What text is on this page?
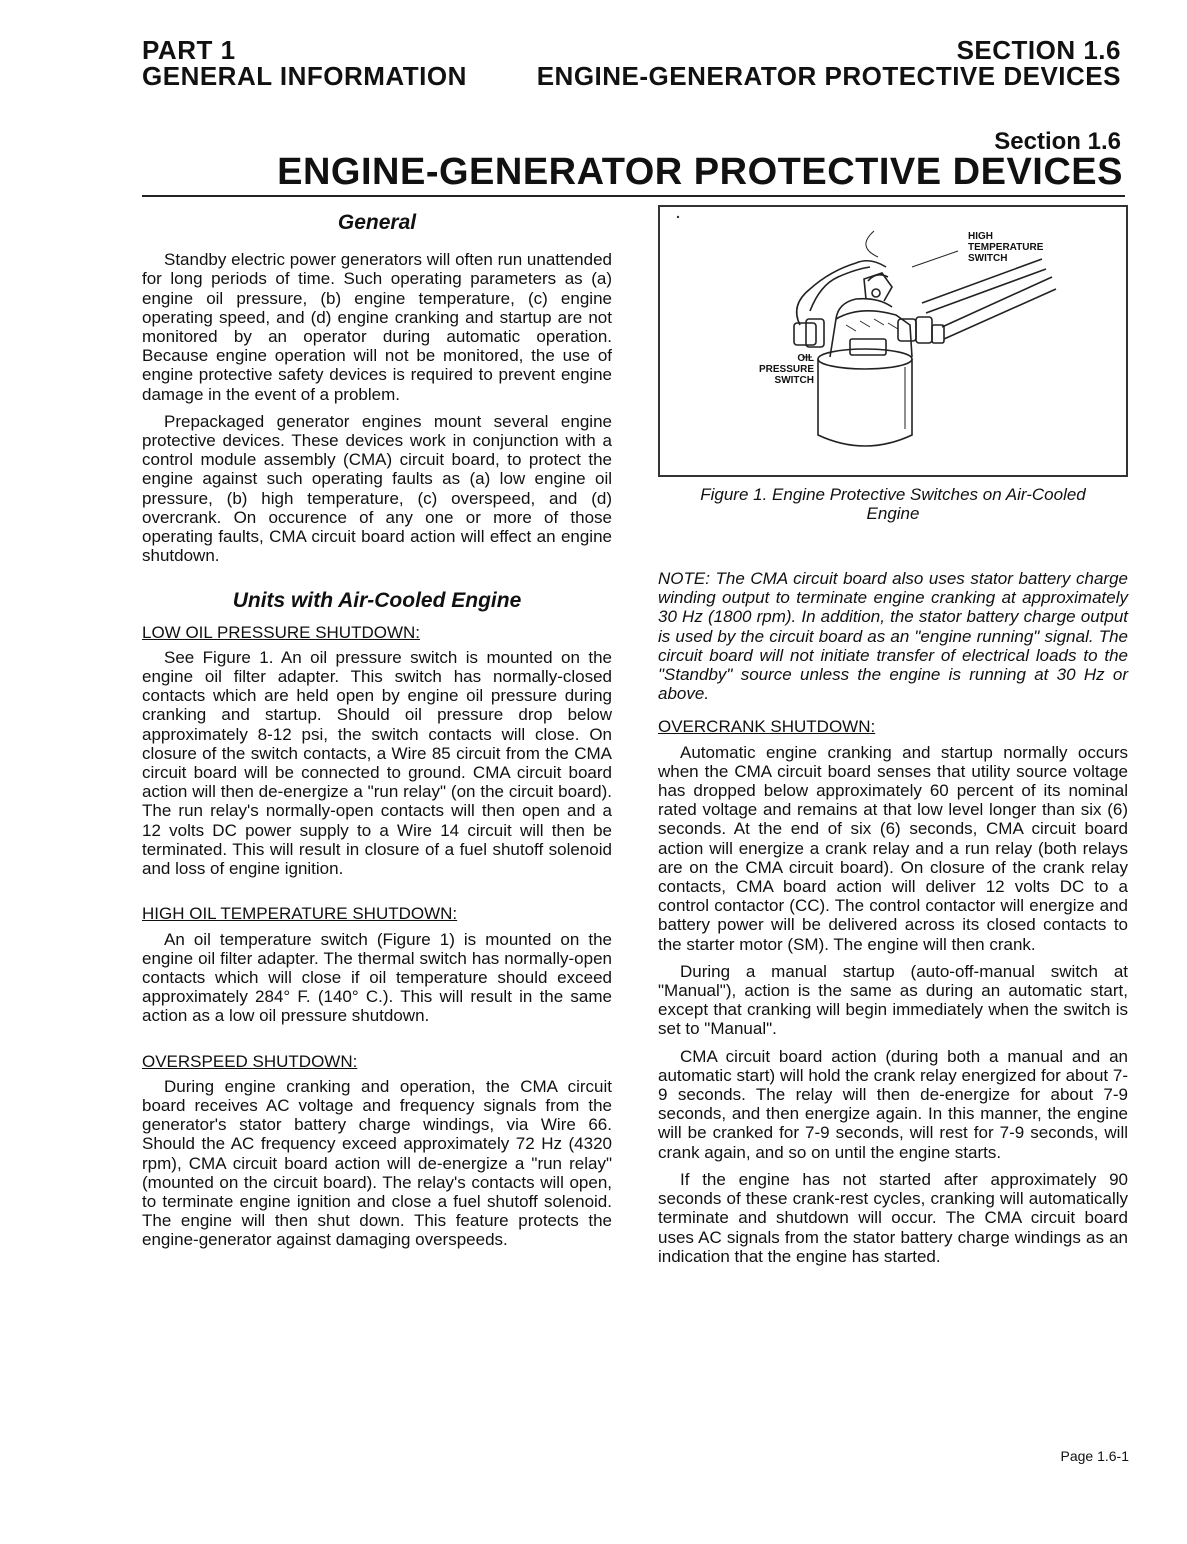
PART 1
GENERAL INFORMATION
SECTION 1.6
ENGINE-GENERATOR PROTECTIVE DEVICES
Section 1.6
ENGINE-GENERATOR PROTECTIVE DEVICES
General

Standby electric power generators will often run unattended for long periods of time. Such operating parameters as (a) engine oil pressure, (b) engine temperature, (c) engine operating speed, and (d) engine cranking and startup are not monitored by an operator during automatic operation. Because engine operation will not be monitored, the use of engine protective safety devices is required to prevent engine damage in the event of a problem.

Prepackaged generator engines mount several engine protective devices. These devices work in conjunction with a control module assembly (CMA) circuit board, to protect the engine against such operating faults as (a) low engine oil pressure, (b) high temperature, (c) overspeed, and (d) overcrank. On occurence of any one or more of those operating faults, CMA circuit board action will effect an engine shutdown.

Units with Air-Cooled Engine
LOW OIL PRESSURE SHUTDOWN:

See Figure 1. An oil pressure switch is mounted on the engine oil filter adapter. This switch has normally-closed contacts which are held open by engine oil pressure during cranking and startup. Should oil pressure drop below approximately 8-12 psi, the switch contacts will close. On closure of the switch contacts, a Wire 85 circuit from the CMA circuit board will be connected to ground. CMA circuit board action will then de-energize a "run relay" (on the circuit board). The run relay's normally-open contacts will then open and a 12 volts DC power supply to a Wire 14 circuit will then be terminated. This will result in closure of a fuel shutoff solenoid and loss of engine ignition.

HIGH OIL TEMPERATURE SHUTDOWN:

An oil temperature switch (Figure 1) is mounted on the engine oil filter adapter. The thermal switch has normally-open contacts which will close if oil temperature should exceed approximately 284° F. (140° C.). This will result in the same action as a low oil pressure shutdown.

OVERSPEED SHUTDOWN:

During engine cranking and operation, the CMA circuit board receives AC voltage and frequency signals from the generator's stator battery charge windings, via Wire 66. Should the AC frequency exceed approximately 72 Hz (4320 rpm), CMA circuit board action will de-energize a "run relay" (mounted on the circuit board). The relay's contacts will open, to terminate engine ignition and close a fuel shutoff solenoid. The engine will then shut down. This feature protects the engine-generator against damaging overspeeds.

HIGH
TEMPERATURE
SWITCH
OIL
PRESSURE
SWITCH
Figure 1. Engine Protective Switches on Air-Cooled Engine

NOTE: The CMA circuit board also uses stator battery charge winding output to terminate engine cranking at approximately 30 Hz (1800 rpm). In addition, the stator battery charge output is used by the circuit board as an "engine running" signal. The circuit board will not initiate transfer of electrical loads to the "Standby" source unless the engine is running at 30 Hz or above.

OVERCRANK SHUTDOWN:

Automatic engine cranking and startup normally occurs when the CMA circuit board senses that utility source voltage has dropped below approximately 60 percent of its nominal rated voltage and remains at that low level longer than six (6) seconds. At the end of six (6) seconds, CMA circuit board action will energize a crank relay and a run relay (both relays are on the CMA circuit board). On closure of the crank relay contacts, CMA board action will deliver 12 volts DC to a control contactor (CC). The control contactor will energize and battery power will be delivered across its closed contacts to the starter motor (SM). The engine will then crank.

During a manual startup (auto-off-manual switch at "Manual"), action is the same as during an automatic start, except that cranking will begin immediately when the switch is set to "Manual".

CMA circuit board action (during both a manual and an automatic start) will hold the crank relay energized for about 7-9 seconds. The relay will then de-energize for about 7-9 seconds, and then energize again. In this manner, the engine will be cranked for 7-9 seconds, will rest for 7-9 seconds, will crank again, and so on until the engine starts.

If the engine has not started after approximately 90 seconds of these crank-rest cycles, cranking will automatically terminate and shutdown will occur. The CMA circuit board uses AC signals from the stator battery charge windings as an indication that the engine has started.

Page 1.6-1
